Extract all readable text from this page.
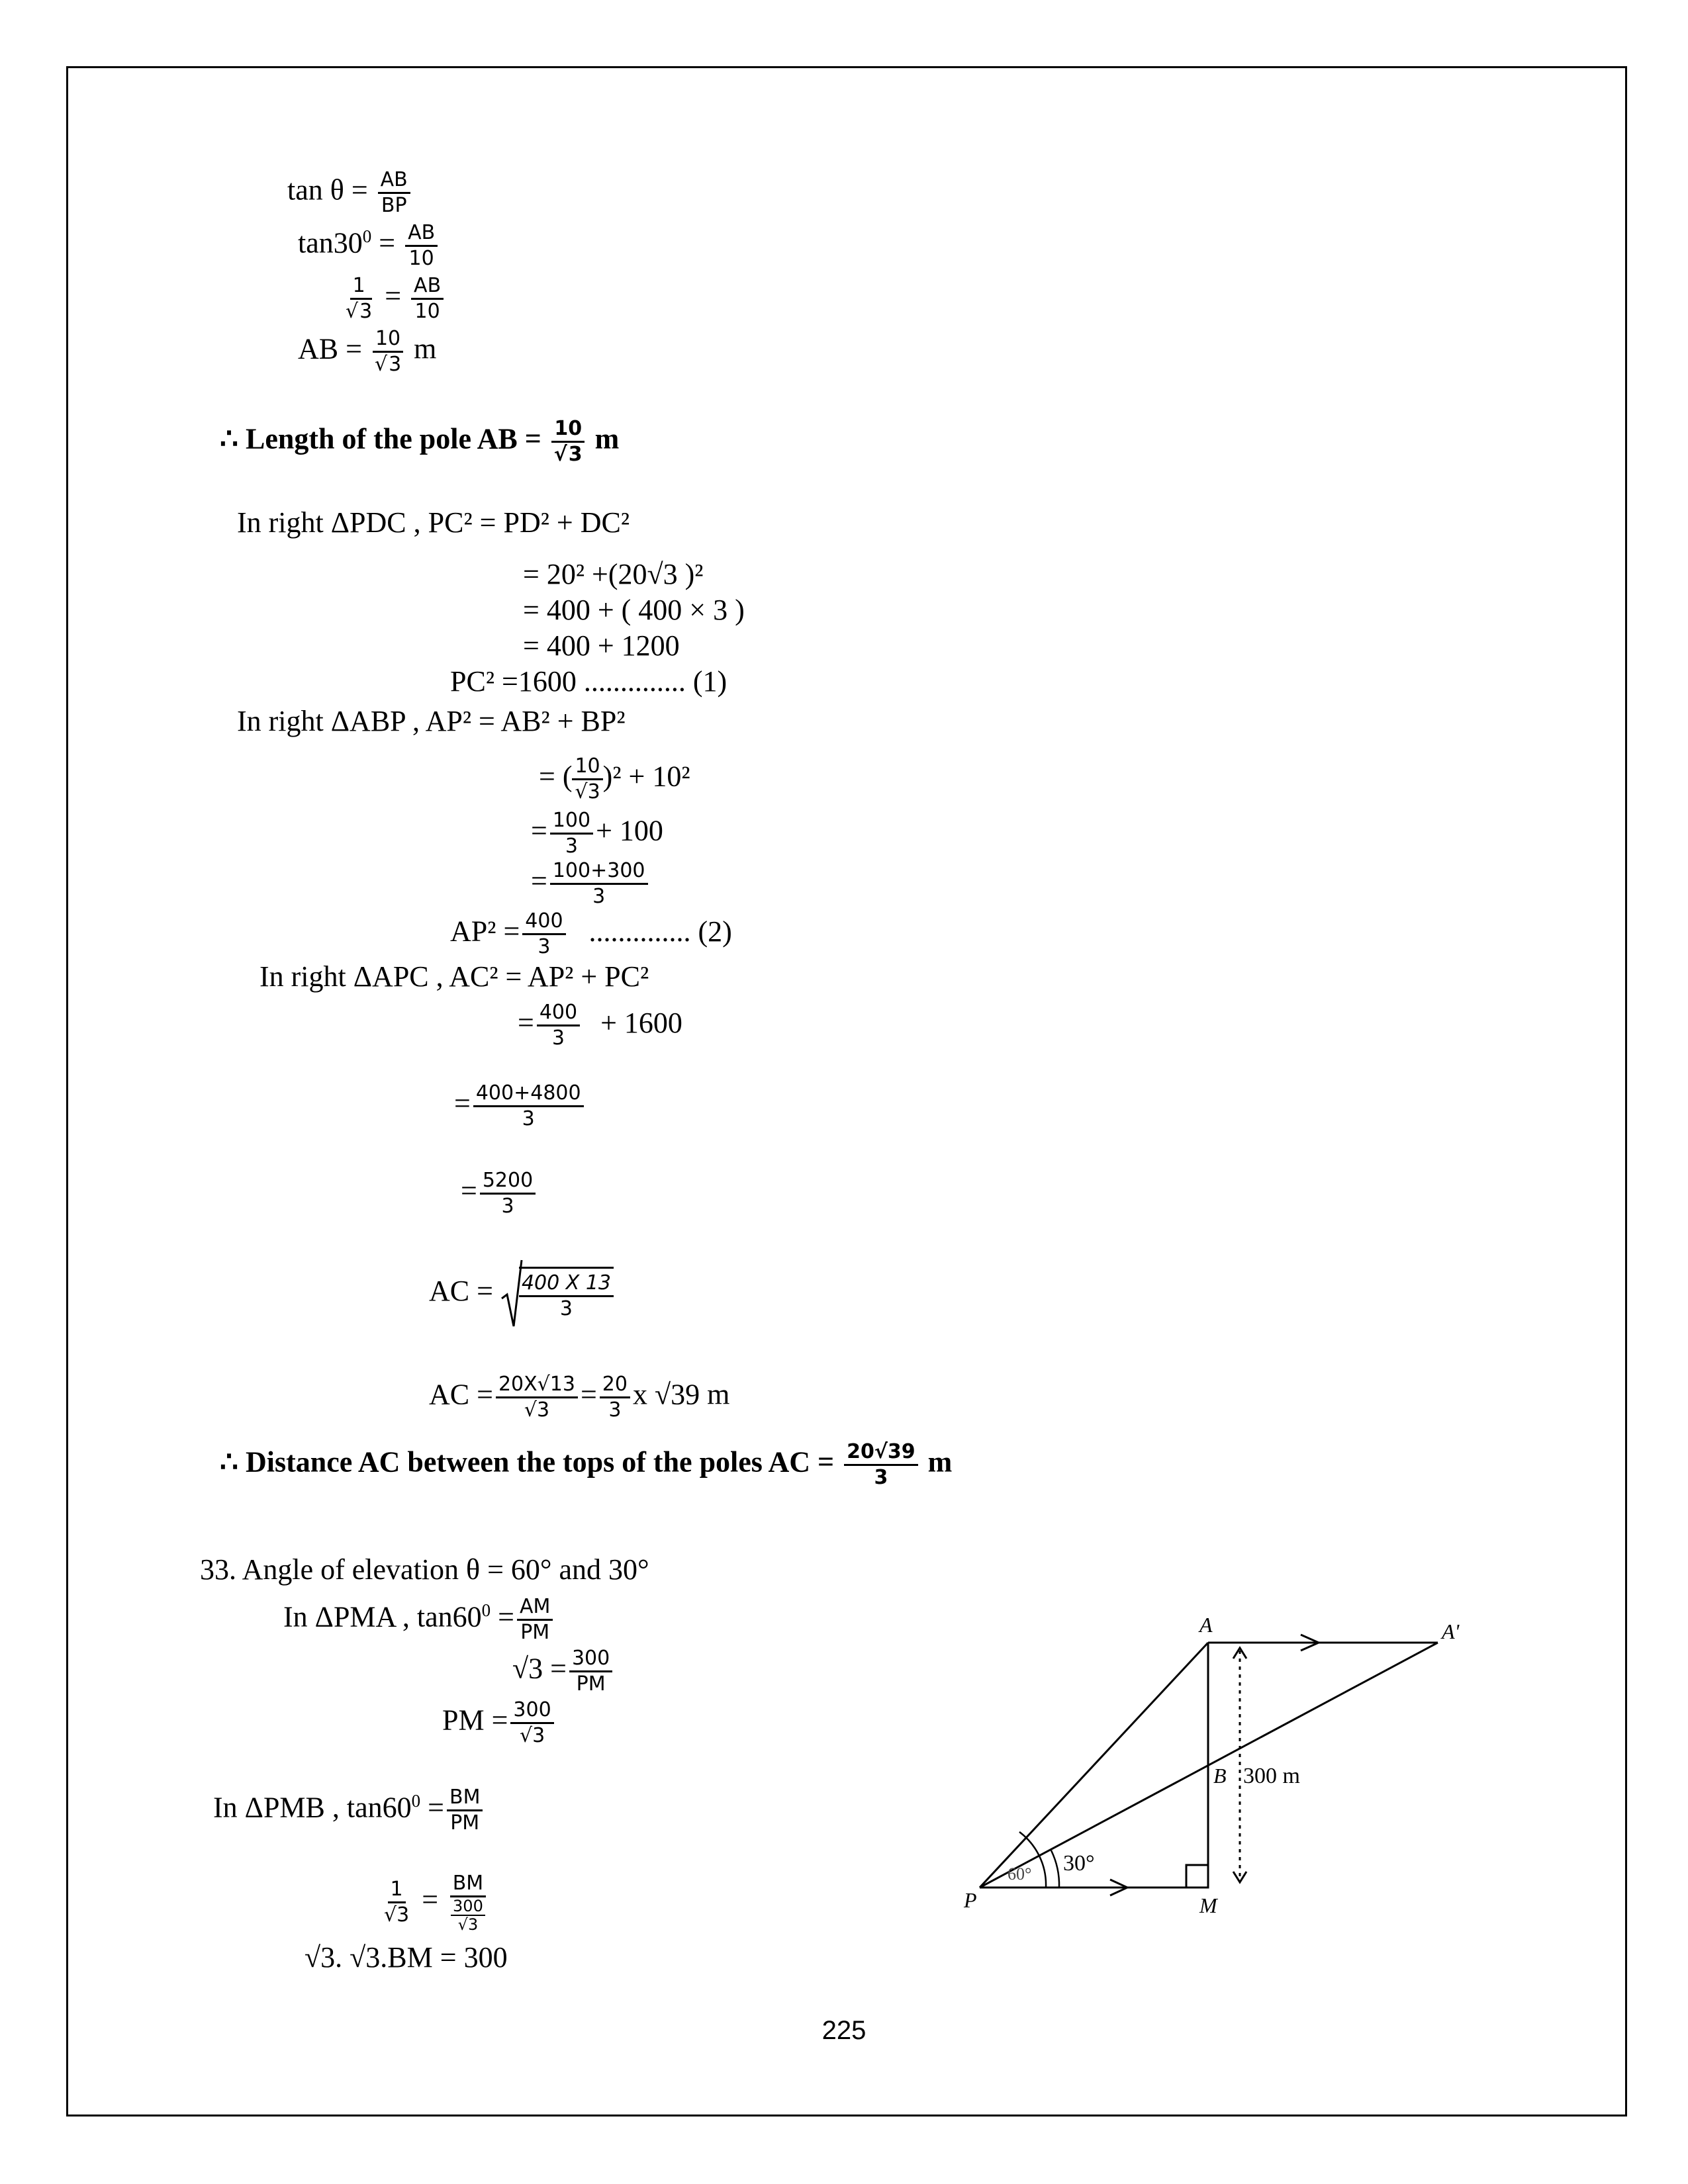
$\tan \theta = \frac{AB}{BP}$
$\tan 30^0 = \frac{AB}{10}$
$\frac{1}{√3} = \frac{AB}{10}$
AB = $\frac{10}{√3}$ m
∴ Length of the pole AB = $\frac{10}{√3}$ m
In right ΔPDC , PC² = PD² + DC²
= 20² +(20√3 )²
= 400 + ( 400 × 3 )
= 400 + 1200
PC² =1600 .............. (1)
In right ΔABP , AP² = AB² + BP²
= ( $\frac{10}{√3} )^2 + 10^2$
= $\frac{100}{3} + 100$
= $\frac{100+300}{3}$
$AP^2 = \frac{400}{3}$ .............. (2)
In right ΔAPC , AC² = AP² + PC²
= $\frac{400}{3} + 1600$
= $\frac{400+4800}{3}$
= $\frac{5200}{3}$
AC = $\frac{400 X 13}{3}$
AC = $\frac{20X√13}{√3} = \frac{20}{3}$ x √39 m
∴ Distance AC between the tops of the poles AC = $\frac{20√39}{3}$ m
33. Angle of elevation θ = 60° and 30°
In ΔPMA , $\tan 60^0 = \frac{AM}{PM}$
$√3 = \frac{300}{PM}$
PM = $\frac{300}{√3}$
In ΔPMB , $\tan 60^0 = \frac{BM}{PM}$
$\frac{1}{√3}$ = BM
300
√3
√3. √3.BM = 300
A	A'
B
P	M
300 m
60° 30°
225
